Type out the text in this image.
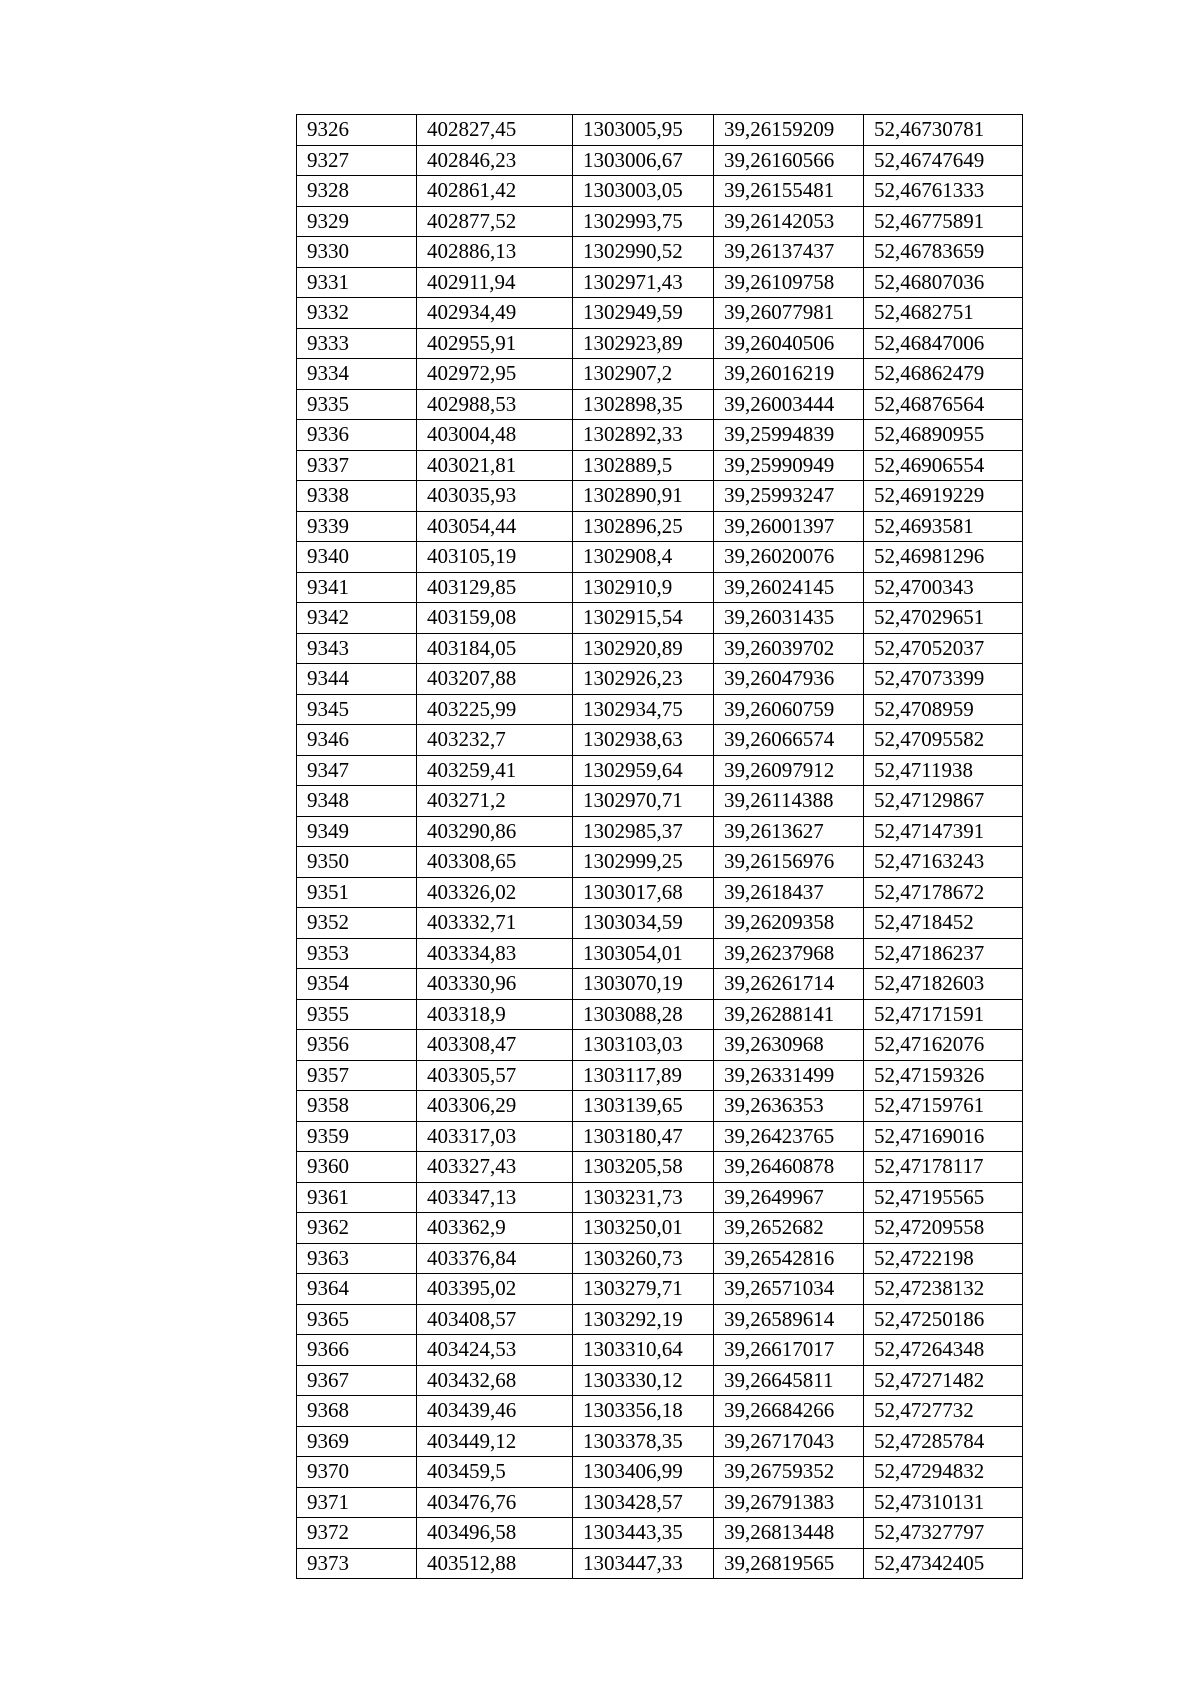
9326	402827,45	1303005,95	39,26159209	52,46730781
9327	402846,23	1303006,67	39,26160566	52,46747649
9328	402861,42	1303003,05	39,26155481	52,46761333
9329	402877,52	1302993,75	39,26142053	52,46775891
9330	402886,13	1302990,52	39,26137437	52,46783659
9331	402911,94	1302971,43	39,26109758	52,46807036
9332	402934,49	1302949,59	39,26077981	52,4682751
9333	402955,91	1302923,89	39,26040506	52,46847006
9334	402972,95	1302907,2	39,26016219	52,46862479
9335	402988,53	1302898,35	39,26003444	52,46876564
9336	403004,48	1302892,33	39,25994839	52,46890955
9337	403021,81	1302889,5	39,25990949	52,46906554
9338	403035,93	1302890,91	39,25993247	52,46919229
9339	403054,44	1302896,25	39,26001397	52,4693581
9340	403105,19	1302908,4	39,26020076	52,46981296
9341	403129,85	1302910,9	39,26024145	52,4700343
9342	403159,08	1302915,54	39,26031435	52,47029651
9343	403184,05	1302920,89	39,26039702	52,47052037
9344	403207,88	1302926,23	39,26047936	52,47073399
9345	403225,99	1302934,75	39,26060759	52,4708959
9346	403232,7	1302938,63	39,26066574	52,47095582
9347	403259,41	1302959,64	39,26097912	52,4711938
9348	403271,2	1302970,71	39,26114388	52,47129867
9349	403290,86	1302985,37	39,2613627	52,47147391
9350	403308,65	1302999,25	39,26156976	52,47163243
9351	403326,02	1303017,68	39,2618437	52,47178672
9352	403332,71	1303034,59	39,26209358	52,4718452
9353	403334,83	1303054,01	39,26237968	52,47186237
9354	403330,96	1303070,19	39,26261714	52,47182603
9355	403318,9	1303088,28	39,26288141	52,47171591
9356	403308,47	1303103,03	39,2630968	52,47162076
9357	403305,57	1303117,89	39,26331499	52,47159326
9358	403306,29	1303139,65	39,2636353	52,47159761
9359	403317,03	1303180,47	39,26423765	52,47169016
9360	403327,43	1303205,58	39,26460878	52,47178117
9361	403347,13	1303231,73	39,2649967	52,47195565
9362	403362,9	1303250,01	39,2652682	52,47209558
9363	403376,84	1303260,73	39,26542816	52,4722198
9364	403395,02	1303279,71	39,26571034	52,47238132
9365	403408,57	1303292,19	39,26589614	52,47250186
9366	403424,53	1303310,64	39,26617017	52,47264348
9367	403432,68	1303330,12	39,26645811	52,47271482
9368	403439,46	1303356,18	39,26684266	52,4727732
9369	403449,12	1303378,35	39,26717043	52,47285784
9370	403459,5	1303406,99	39,26759352	52,47294832
9371	403476,76	1303428,57	39,26791383	52,47310131
9372	403496,58	1303443,35	39,26813448	52,47327797
9373	403512,88	1303447,33	39,26819565	52,47342405
